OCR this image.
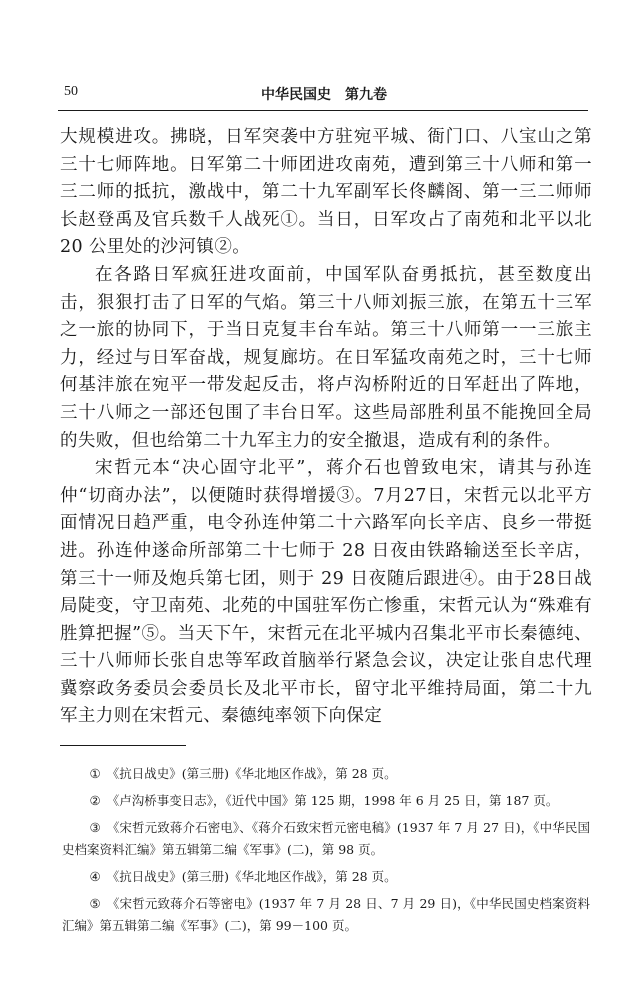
50	中华民国史　第九卷

大规模进攻。拂晓，日军突袭中方驻宛平城、衙门口、八宝山之第三十七师阵地。日军第二十师团进攻南苑，遭到第三十八师和第一三二师的抵抗，激战中，第二十九军副军长佟麟阁、第一三二师师长赵登禹及官兵数千人战死①。当日，日军攻占了南苑和北平以北 20 公里处的沙河镇②。

在各路日军疯狂进攻面前，中国军队奋勇抵抗，甚至数度出击，狠狠打击了日军的气焰。第三十八师刘振三旅，在第五十三军之一旅的协同下，于当日克复丰台车站。第三十八师第一一三旅主力，经过与日军奋战，规复廊坊。在日军猛攻南苑之时，三十七师何基沣旅在宛平一带发起反击，将卢沟桥附近的日军赶出了阵地，三十八师之一部还包围了丰台日军。这些局部胜利虽不能挽回全局的失败，但也给第二十九军主力的安全撤退，造成有利的条件。

宋哲元本“决心固守北平”，蒋介石也曾致电宋，请其与孙连仲“切商办法”，以便随时获得增援③。7月27日，宋哲元以北平方面情况日趋严重，电令孙连仲第二十六路军向长辛店、良乡一带挺进。孙连仲遂命所部第二十七师于 28 日夜由铁路输送至长辛店，第三十一师及炮兵第七团，则于 29 日夜随后跟进④。由于28日战局陡变，守卫南苑、北苑的中国驻军伤亡惨重，宋哲元认为“殊难有胜算把握”⑤。当天下午，宋哲元在北平城内召集北平市长秦德纯、三十八师师长张自忠等军政首脑举行紧急会议，决定让张自忠代理冀察政务委员会委员长及北平市长，留守北平维持局面，第二十九军主力则在宋哲元、秦德纯率领下向保定

① 《抗日战史》(第三册)《华北地区作战》，第 28 页。

② 《卢沟桥事变日志》，《近代中国》第 125 期，1998 年 6 月 25 日，第 187 页。

③ 《宋哲元致蒋介石密电》、《蒋介石致宋哲元密电稿》(1937 年 7 月 27 日)，《中华民国史档案资料汇编》第五辑第二编《军事》(二)，第 98 页。

④ 《抗日战史》(第三册)《华北地区作战》，第 28 页。

⑤ 《宋哲元致蒋介石等密电》(1937 年 7 月 28 日、7 月 29 日)，《中华民国史档案资料汇编》第五辑第二编《军事》(二)，第 99－100 页。
